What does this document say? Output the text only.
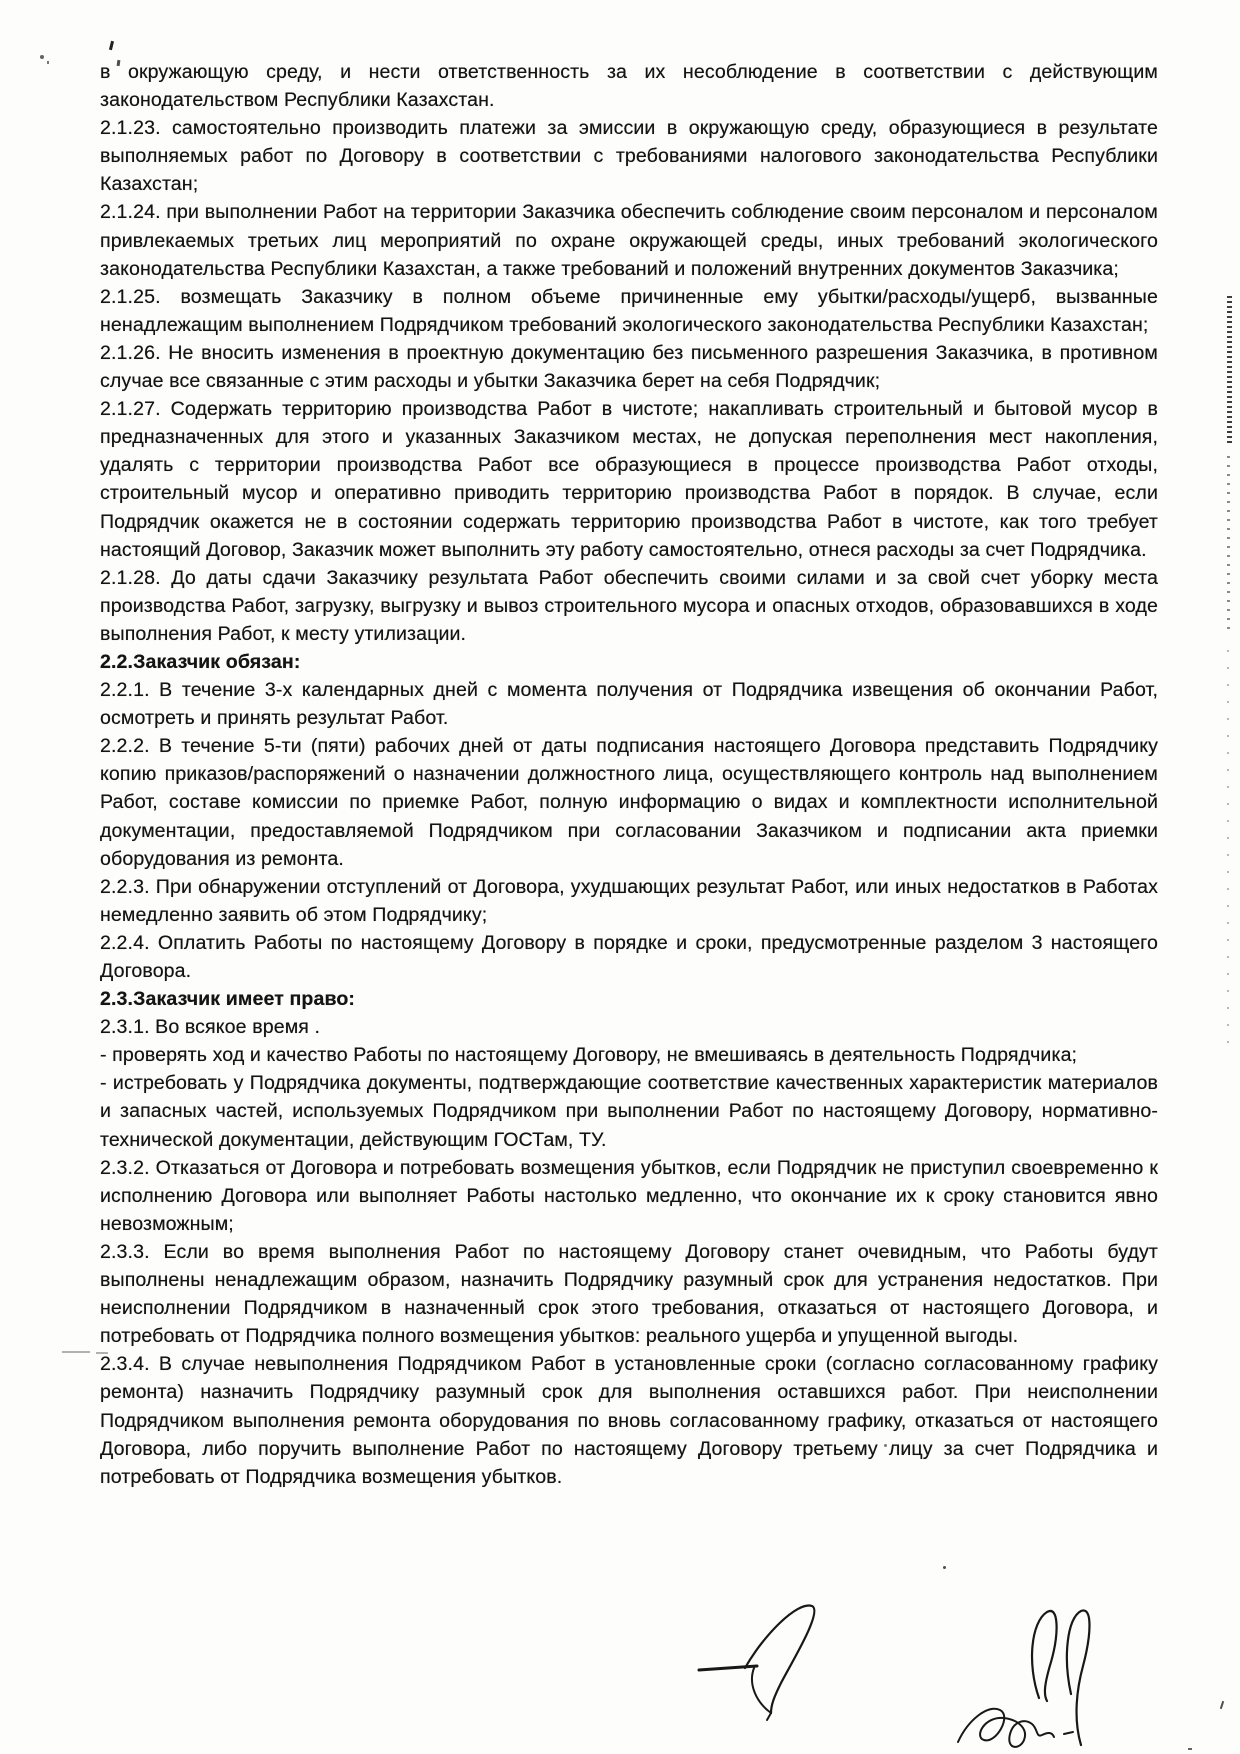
в окружающую среду, и нести ответственность за их несоблюдение в соответствии с действующим законодательством Республики Казахстан.

2.1.23. самостоятельно производить платежи за эмиссии в окружающую среду, образующиеся в результате выполняемых работ по Договору в соответствии с требованиями налогового законодательства Республики Казахстан;

2.1.24. при выполнении Работ на территории Заказчика обеспечить соблюдение своим персоналом и персоналом привлекаемых третьих лиц мероприятий по охране окружающей среды, иных требований экологического законодательства Республики Казахстан, а также требований и положений внутренних документов Заказчика;

2.1.25. возмещать Заказчику в полном объеме причиненные ему убытки/расходы/ущерб, вызванные ненадлежащим выполнением Подрядчиком требований экологического законодательства Республики Казахстан;

2.1.26. Не вносить изменения в проектную документацию без письменного разрешения Заказчика, в противном случае все связанные с этим расходы и убытки Заказчика берет на себя Подрядчик;

2.1.27. Содержать территорию производства Работ в чистоте; накапливать строительный и бытовой мусор в предназначенных для этого и указанных Заказчиком местах, не допуская переполнения мест накопления, удалять с территории производства Работ все образующиеся в процессе производства Работ отходы, строительный мусор и оперативно приводить территорию производства Работ в порядок. В случае, если Подрядчик окажется не в состоянии содержать территорию производства Работ в чистоте, как того требует настоящий Договор, Заказчик может выполнить эту работу самостоятельно, отнеся расходы за счет Подрядчика.

2.1.28. До даты сдачи Заказчику результата Работ обеспечить своими силами и за свой счет уборку места производства Работ, загрузку, выгрузку и вывоз строительного мусора и опасных отходов, образовавшихся в ходе выполнения Работ, к месту утилизации.

2.2.Заказчик обязан:

2.2.1. В течение 3-х календарных дней с момента получения от Подрядчика извещения об окончании Работ, осмотреть и принять результат Работ.

2.2.2. В течение 5-ти (пяти) рабочих дней от даты подписания настоящего Договора представить Подрядчику копию приказов/распоряжений о назначении должностного лица, осуществляющего контроль над выполнением Работ, составе комиссии по приемке Работ, полную информацию о видах и комплектности исполнительной документации, предоставляемой Подрядчиком при согласовании Заказчиком и подписании акта приемки оборудования из ремонта.

2.2.3. При обнаружении отступлений от Договора, ухудшающих результат Работ, или иных недостатков в Работах немедленно заявить об этом Подрядчику;

2.2.4. Оплатить Работы по настоящему Договору в порядке и сроки, предусмотренные разделом 3 настоящего Договора.

2.3.Заказчик имеет право:

2.3.1. Во всякое время .

- проверять ход и качество Работы по настоящему Договору, не вмешиваясь в деятельность Подрядчика;

- истребовать у Подрядчика документы, подтверждающие соответствие качественных характеристик материалов и запасных частей, используемых Подрядчиком при выполнении Работ по настоящему Договору, нормативно-технической документации, действующим ГОСТам, ТУ.

2.3.2. Отказаться от Договора и потребовать возмещения убытков, если Подрядчик не приступил своевременно к исполнению Договора или выполняет Работы настолько медленно, что окончание их к сроку становится явно невозможным;

2.3.3. Если во время выполнения Работ по настоящему Договору станет очевидным, что Работы будут выполнены ненадлежащим образом, назначить Подрядчику разумный срок для устранения недостатков. При неисполнении Подрядчиком в назначенный срок этого требования, отказаться от настоящего Договора, и потребовать от Подрядчика полного возмещения убытков: реального ущерба и упущенной выгоды.

2.3.4. В случае невыполнения Подрядчиком Работ в установленные сроки (согласно согласованному графику ремонта) назначить Подрядчику разумный срок для выполнения оставшихся работ. При неисполнении Подрядчиком выполнения ремонта оборудования по вновь согласованному графику, отказаться от настоящего Договора, либо поручить выполнение Работ по настоящему Договору третьему лицу за счет Подрядчика и потребовать от Подрядчика возмещения убытков.
